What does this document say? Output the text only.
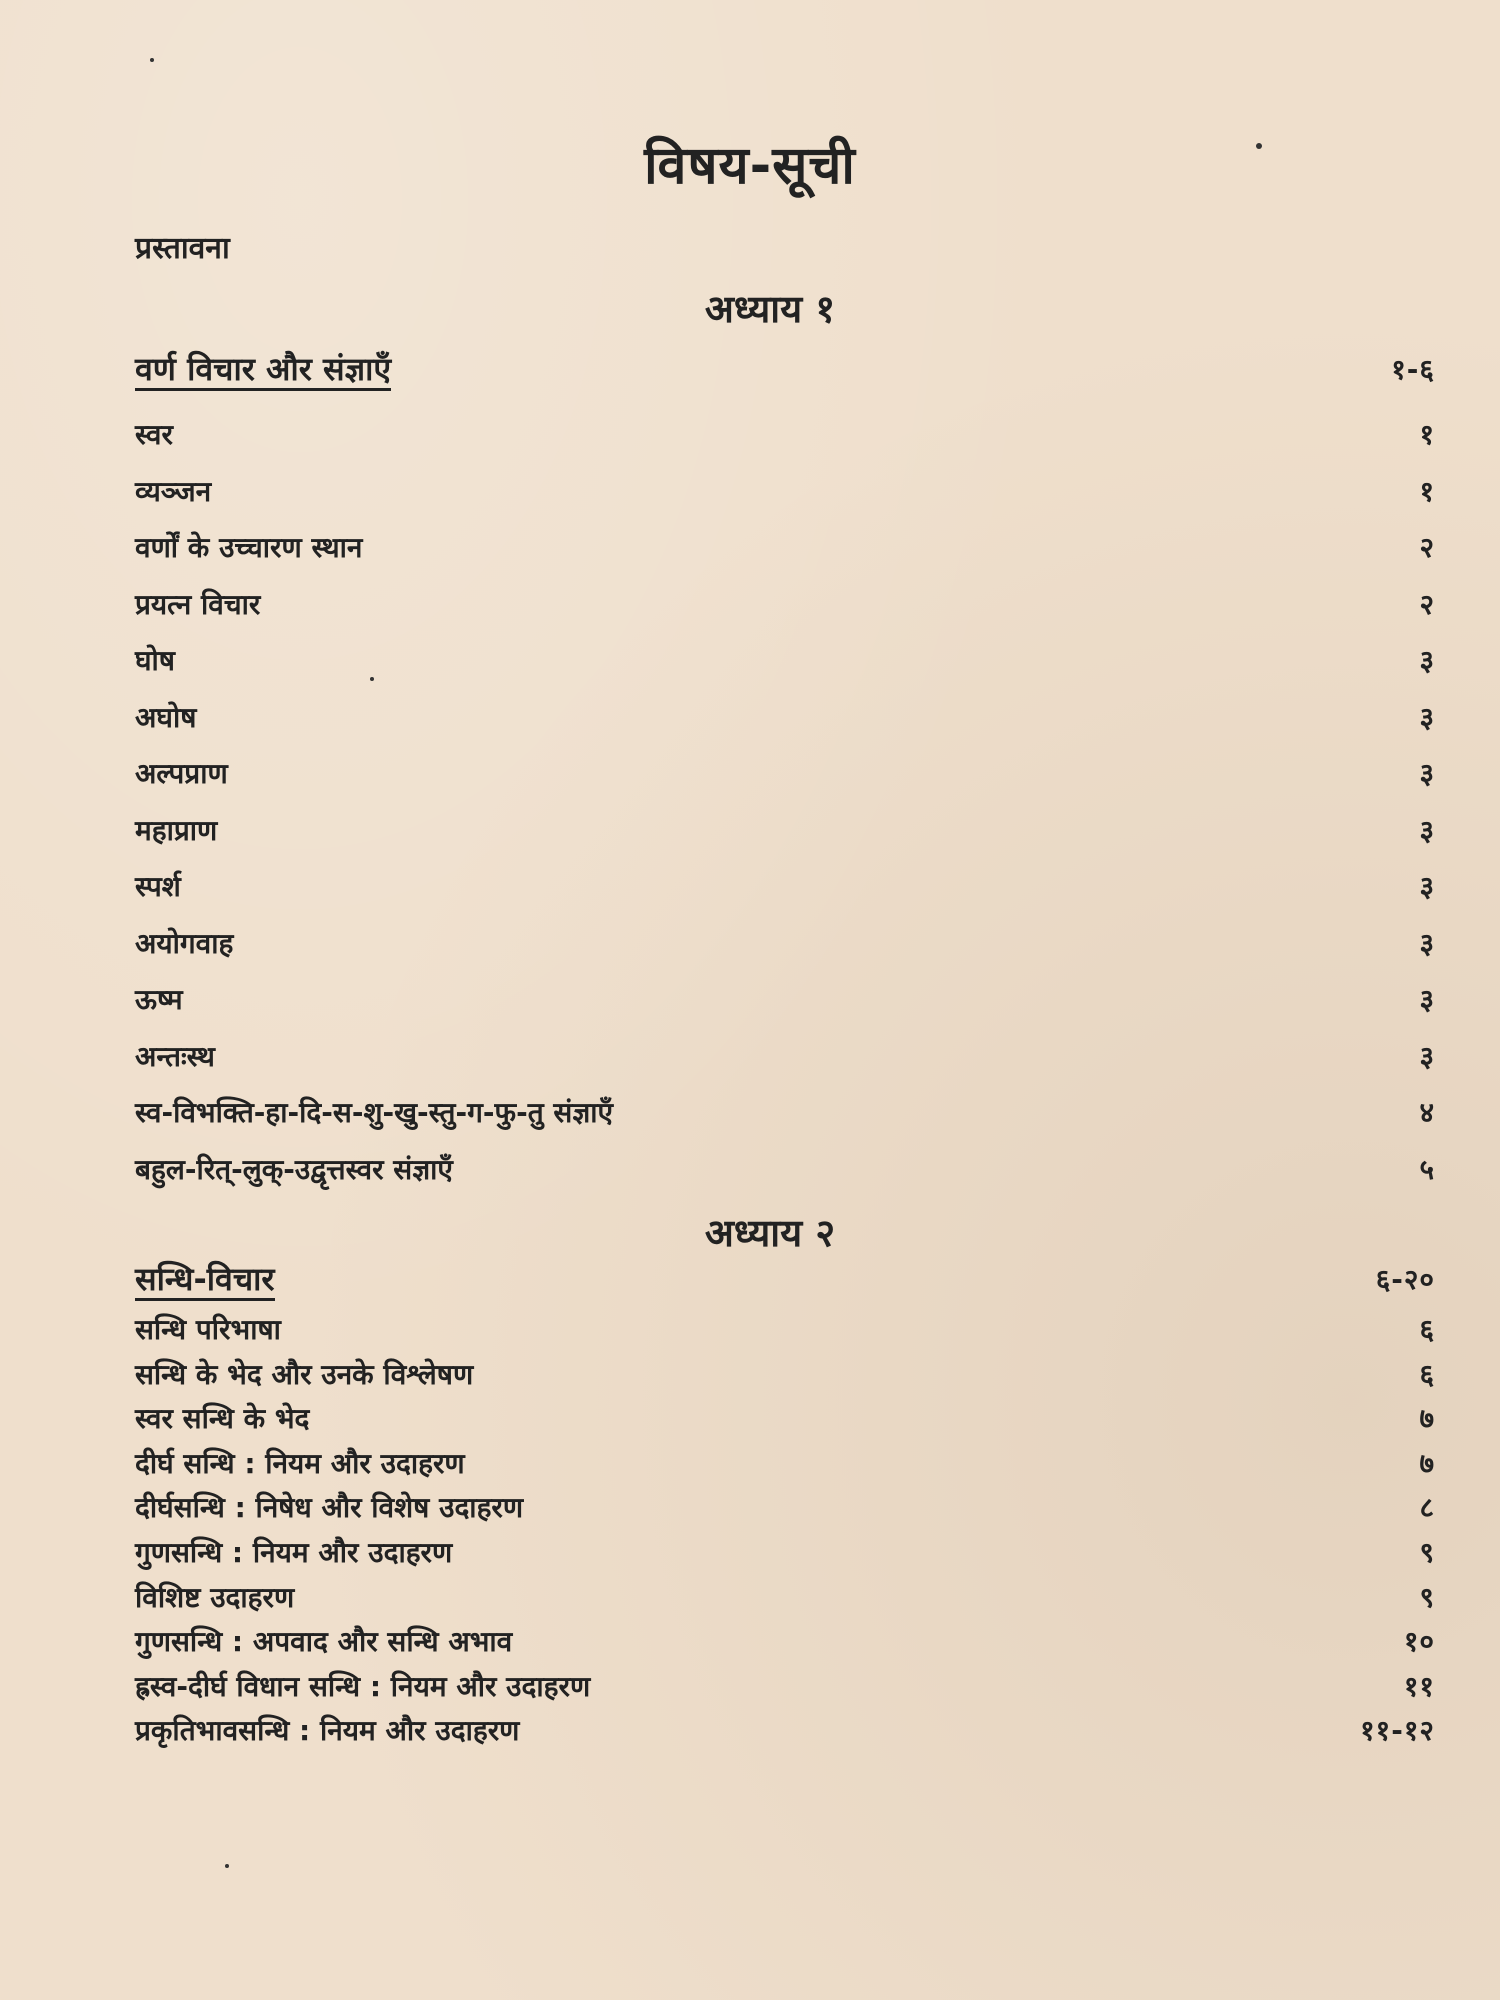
विषय-सूची
प्रस्तावना
अध्याय १
वर्ण विचार और संज्ञाएँ	१-६
स्वर	१
व्यञ्जन	१
वर्णों के उच्चारण स्थान	२
प्रयत्न विचार	२
घोष	३
अघोष	३
अल्पप्राण	३
महाप्राण	३
स्पर्श	३
अयोगवाह	३
ऊष्म	३
अन्तःस्थ	३
स्व-विभक्ति-हा-दि-स-शु-खु-स्तु-ग-फु-तु संज्ञाएँ	४
बहुल-रित्-लुक्-उद्वृत्तस्वर संज्ञाएँ	५
अध्याय २
सन्धि-विचार	६-२०
सन्धि परिभाषा	६
सन्धि के भेद और उनके विश्लेषण	६
स्वर सन्धि के भेद	७
दीर्घ सन्धि : नियम और उदाहरण	७
दीर्घसन्धि : निषेध और विशेष उदाहरण	८
गुणसन्धि : नियम और उदाहरण	९
विशिष्ट उदाहरण	९
गुणसन्धि : अपवाद और सन्धि अभाव	१०
ह्रस्व-दीर्घ विधान सन्धि : नियम और उदाहरण	११
प्रकृतिभावसन्धि : नियम और उदाहरण	११-१२
